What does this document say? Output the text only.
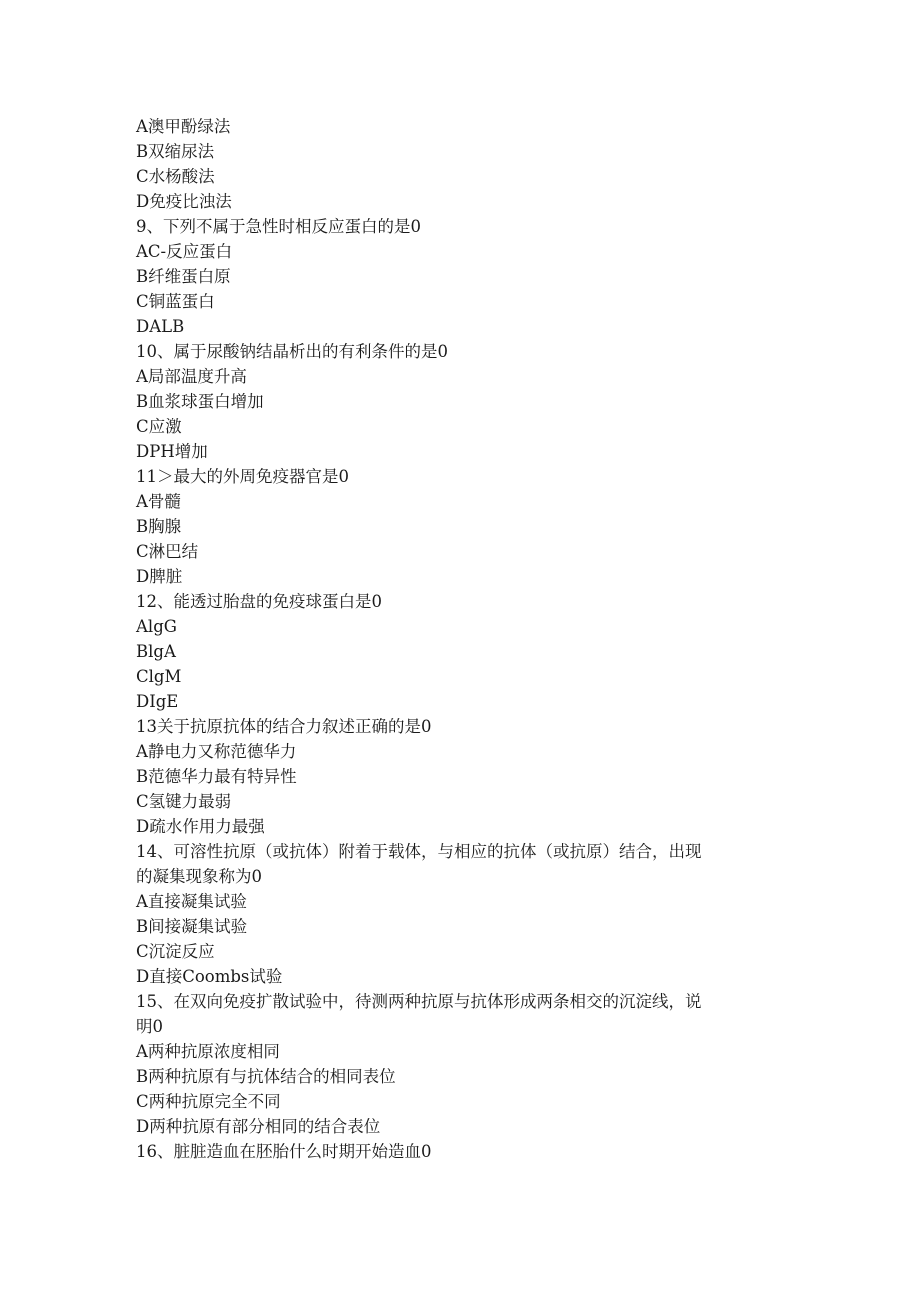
A澳甲酚绿法
B双缩尿法
C水杨酸法
D免疫比浊法
9、下列不属于急性时相反应蛋白的是0
AC-反应蛋白
B纤维蛋白原
C铜蓝蛋白
DALB
10、属于尿酸钠结晶析出的有利条件的是0
A局部温度升高
B血浆球蛋白增加
C应激
DPH增加
11＞最大的外周免疫器官是0
A骨髓
B胸腺
C淋巴结
D脾脏
12、能透过胎盘的免疫球蛋白是0
AlgG
BlgA
ClgM
DIgE
13关于抗原抗体的结合力叙述正确的是0
A静电力又称范德华力
B范德华力最有特异性
C氢键力最弱
D疏水作用力最强
14、可溶性抗原（或抗体）附着于载体，与相应的抗体（或抗原）结合，出现
的凝集现象称为0
A直接凝集试验
B间接凝集试验
C沉淀反应
D直接Coombs试验
15、在双向免疫扩散试验中，待测两种抗原与抗体形成两条相交的沉淀线，说
明0
A两种抗原浓度相同
B两种抗原有与抗体结合的相同表位
C两种抗原完全不同
D两种抗原有部分相同的结合表位
16、脏脏造血在胚胎什么时期开始造血0
